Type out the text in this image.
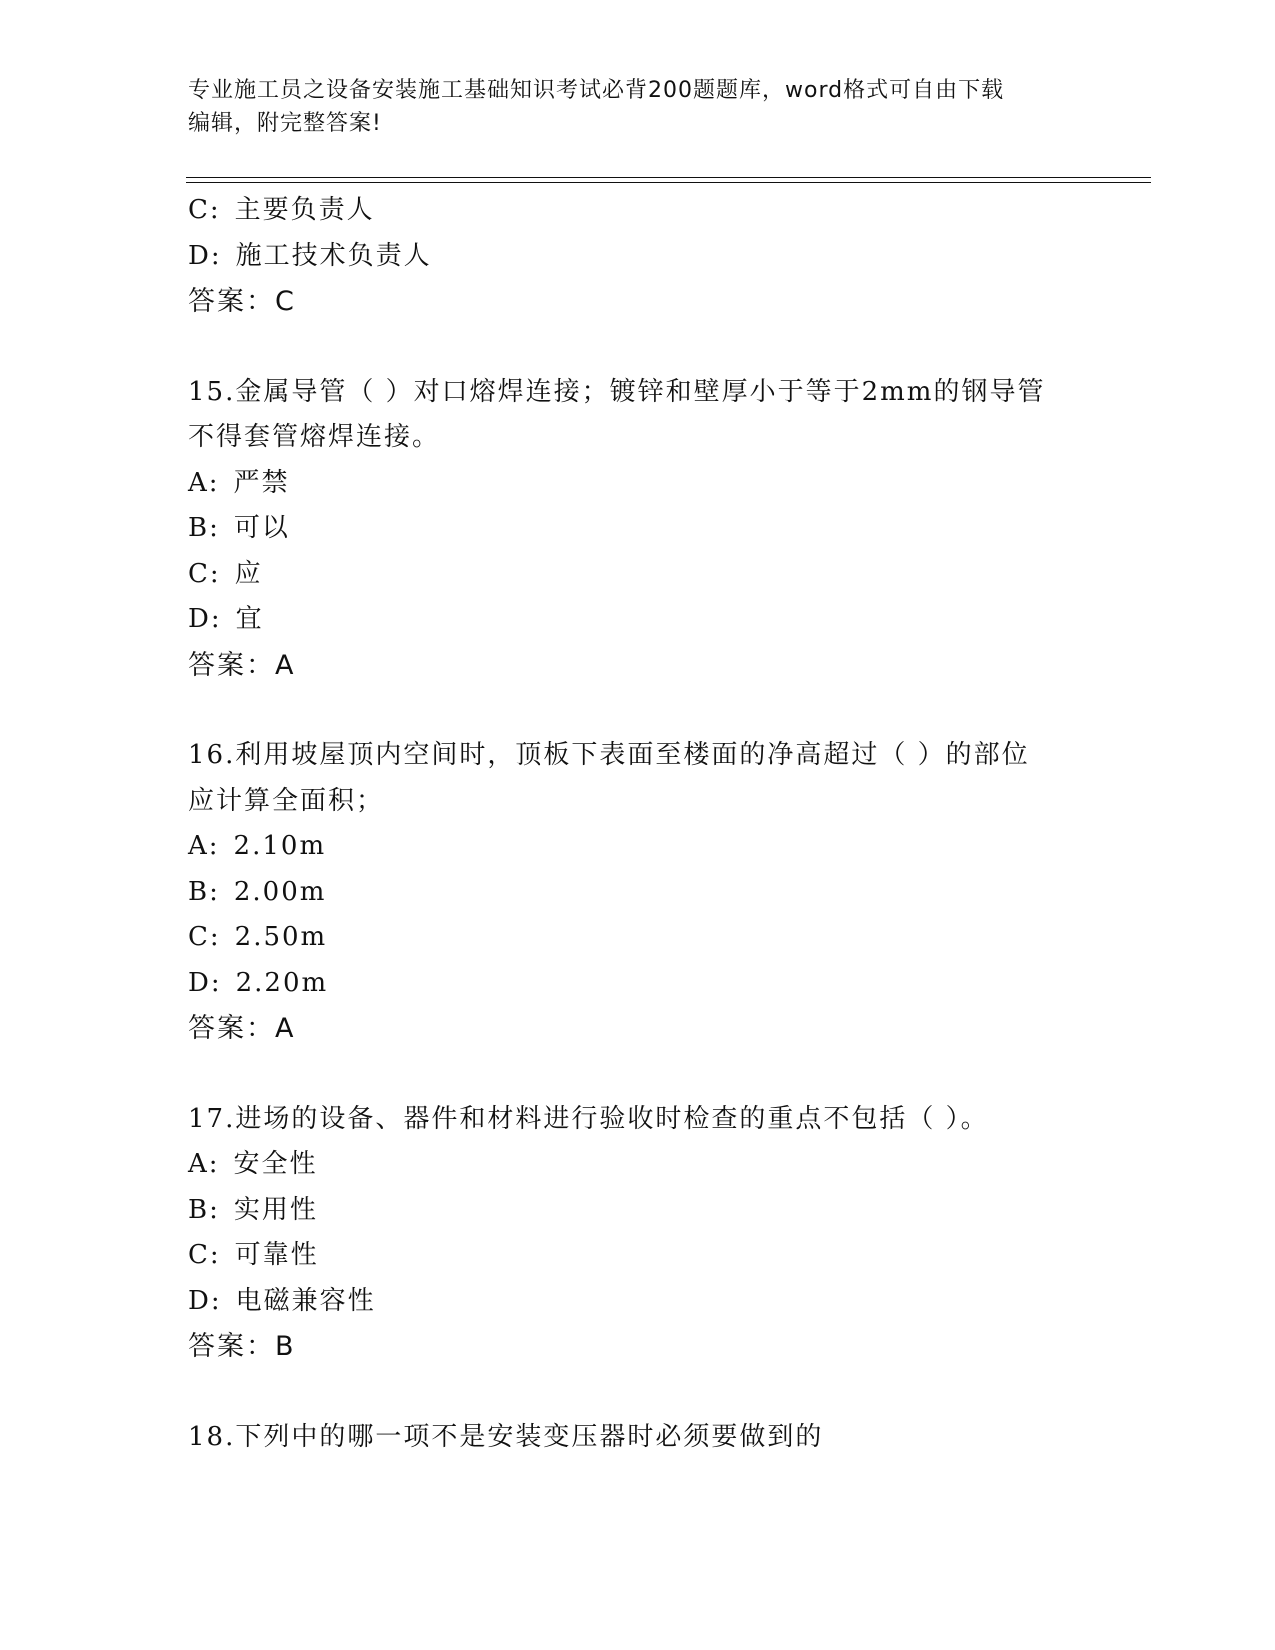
专业施工员之设备安装施工基础知识考试必背200题题库，word格式可自由下载
编辑，附完整答案!
C: 主要负责人
D: 施工技术负责人
答案：C
15.金属导管（ ）对口熔焊连接；镀锌和壁厚小于等于2mm的钢导管
不得套管熔焊连接。
A: 严禁
B: 可以
C: 应
D: 宜
答案：A
16.利用坡屋顶内空间时，顶板下表面至楼面的净高超过（ ）的部位
应计算全面积；
A: 2.10m
B: 2.00m
C: 2.50m
D: 2.20m
答案：A
17.进场的设备、器件和材料进行验收时检查的重点不包括（ ）。
A: 安全性
B: 实用性
C: 可靠性
D: 电磁兼容性
答案：B
18.下列中的哪一项不是安装变压器时必须要做到的
